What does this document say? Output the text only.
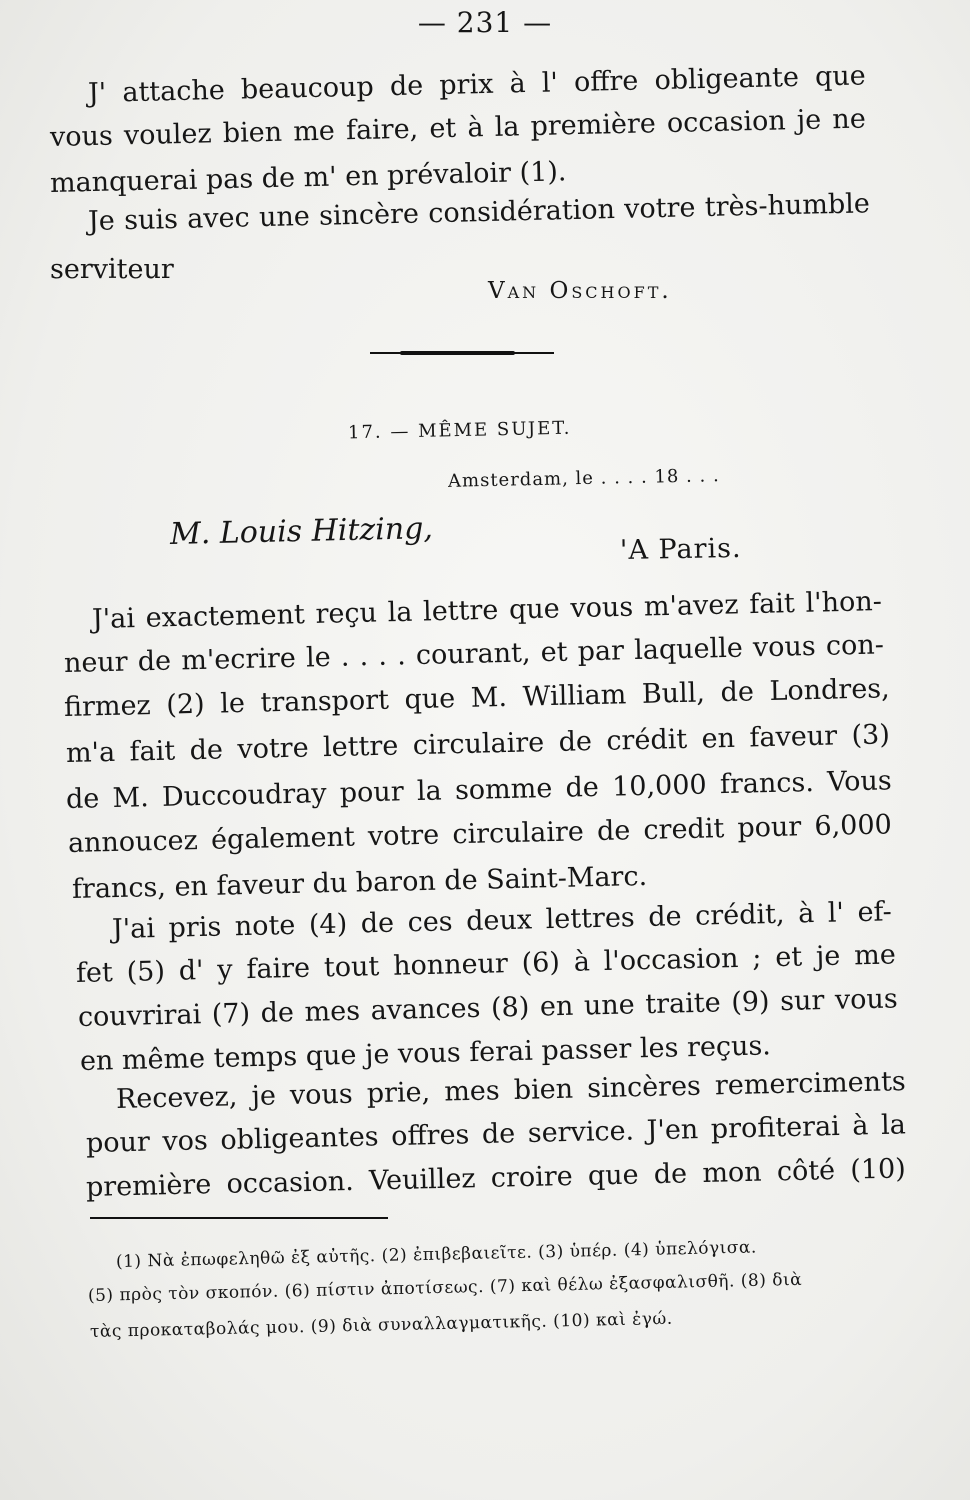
— 231 —
J' attache beaucoup de prix à l' offre obligeante que
vous voulez bien me faire, et à la première occasion je ne
manquerai pas de m' en prévaloir (1).
Je suis avec une sincère considération votre très-humble
serviteur
Van Oschoft.
17. — MÊME SUJET.
Amsterdam, le . . . . 18 . . .
M. Louis Hitzing,	'A Paris.
J'ai exactement reçu la lettre que vous m'avez fait l'hon-
neur de m'ecrire le . . . . courant, et par laquelle vous con-
firmez (2) le transport que M. William Bull, de Londres,
m'a fait de votre lettre circulaire de crédit en faveur (3)
de M. Duccoudray pour la somme de 10,000 francs. Vous
annoucez également votre circulaire de credit pour 6,000
francs, en faveur du baron de Saint-Marc.
J'ai pris note (4) de ces deux lettres de crédit, à l' ef-
fet (5) d' y faire tout honneur (6) à l'occasion ; et je me
couvrirai (7) de mes avances (8) en une traite (9) sur vous
en même temps que je vous ferai passer les reçus.
Recevez, je vous prie, mes bien sincères remerciments
pour vos obligeantes offres de service. J'en profiterai à la
première occasion. Veuillez croire que de mon côté (10)
(1) Νὰ ἐπωφεληθῶ ἐξ αὐτῆς. (2) ἐπιβεβαιεῖτε. (3) ὑπέρ. (4) ὑπελόγισα.
(5) πρὸς τὸν σκοπόν. (6) πίστιν ἀποτίσεως. (7) καὶ θέλω ἐξασφαλισθῆ. (8) διὰ
τὰς προκαταβολάς μου. (9) διὰ συναλλαγματικῆς. (10) καὶ ἐγώ.
